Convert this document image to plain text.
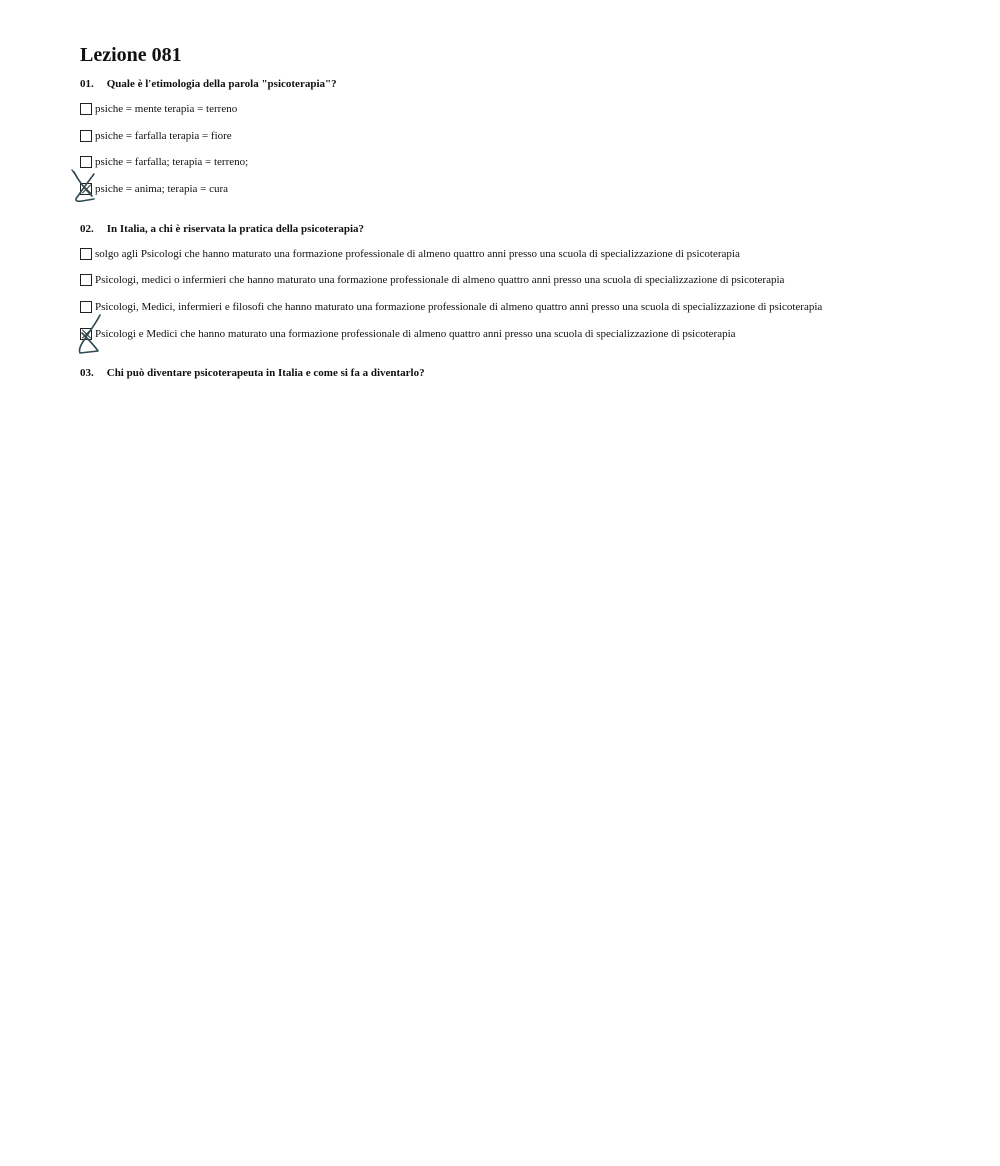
Lezione 081
01. Quale è l'etimologia della parola "psicoterapia"?
psiche = mente terapia = terreno
psiche = farfalla terapia = fiore
psiche = farfalla; terapia = terreno;
psiche = anima; terapia = cura
02. In Italia, a chi è riservata la pratica della psicoterapia?
solgo agli Psicologi che hanno maturato una formazione professionale di almeno quattro anni presso una scuola di specializzazione di psicoterapia
Psicologi, medici o infermieri che hanno maturato una formazione professionale di almeno quattro anni presso una scuola di specializzazione di psicoterapia
Psicologi, Medici, infermieri e filosofi che hanno maturato una formazione professionale di almeno quattro anni presso una scuola di specializzazione di psicoterapia
Psicologi e Medici che hanno maturato una formazione professionale di almeno quattro anni presso una scuola di specializzazione di psicoterapia
03. Chi può diventare psicoterapeuta in Italia e come si fa a diventarlo?
